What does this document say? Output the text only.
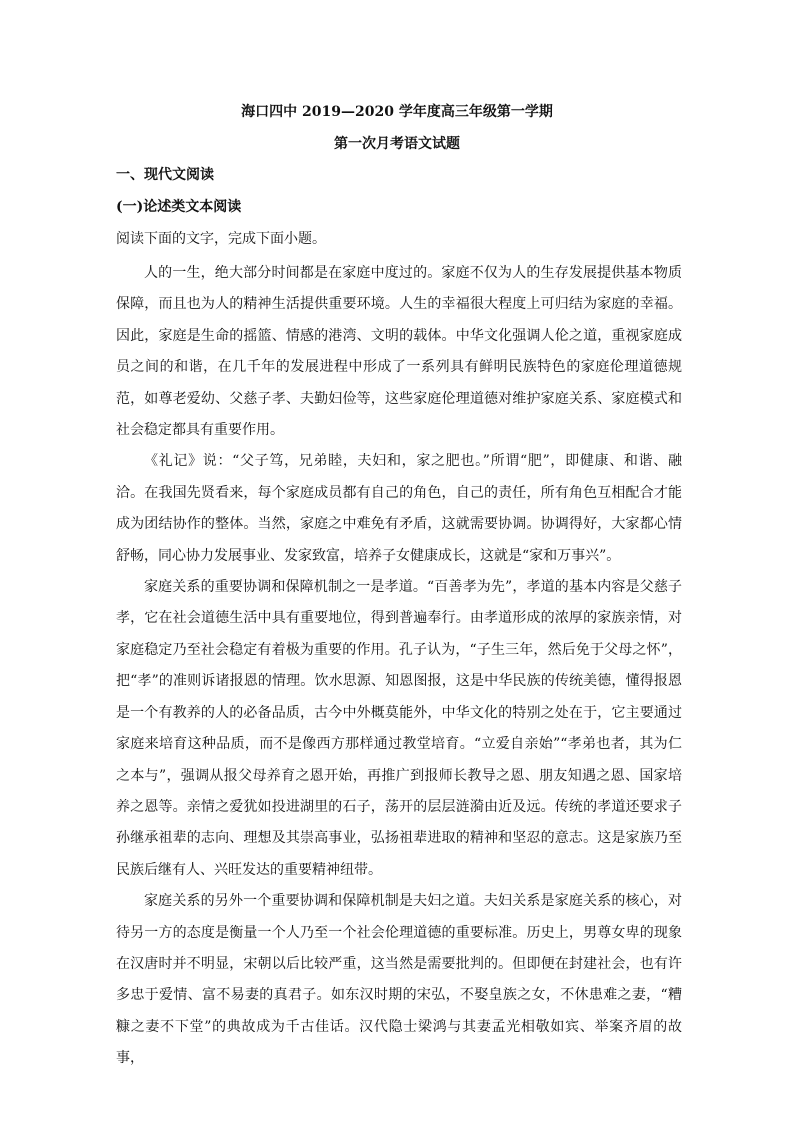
海口四中 2019—2020 学年度高三年级第一学期
第一次月考语文试题
一、现代文阅读
(一)论述类文本阅读
阅读下面的文字，完成下面小题。

人的一生，绝大部分时间都是在家庭中度过的。家庭不仅为人的生存发展提供基本物质保障，而且也为人的精神生活提供重要环境。人生的幸福很大程度上可归结为家庭的幸福。因此，家庭是生命的摇篮、情感的港湾、文明的载体。中华文化强调人伦之道，重视家庭成员之间的和谐，在几千年的发展进程中形成了一系列具有鲜明民族特色的家庭伦理道德规范，如尊老爱幼、父慈子孝、夫勤妇俭等，这些家庭伦理道德对维护家庭关系、家庭模式和社会稳定都具有重要作用。

《礼记》说：“父子笃，兄弟睦，夫妇和，家之肥也。”所谓“肥”，即健康、和谐、融洽。在我国先贤看来，每个家庭成员都有自己的角色，自己的责任，所有角色互相配合才能成为团结协作的整体。当然，家庭之中难免有矛盾，这就需要协调。协调得好，大家都心情舒畅，同心协力发展事业、发家致富，培养子女健康成长，这就是“家和万事兴”。

家庭关系的重要协调和保障机制之一是孝道。“百善孝为先”，孝道的基本内容是父慈子孝，它在社会道德生活中具有重要地位，得到普遍奉行。由孝道形成的浓厚的家族亲情，对家庭稳定乃至社会稳定有着极为重要的作用。孔子认为，“子生三年，然后免于父母之怀”，把“孝”的准则诉诸报恩的情理。饮水思源、知恩图报，这是中华民族的传统美德，懂得报恩是一个有教养的人的必备品质，古今中外概莫能外，中华文化的特别之处在于，它主要通过家庭来培育这种品质，而不是像西方那样通过教堂培育。“立爱自亲始”“孝弟也者，其为仁之本与”，强调从报父母养育之恩开始，再推广到报师长教导之恩、朋友知遇之恩、国家培养之恩等。亲情之爱犹如投进湖里的石子，荡开的层层涟漪由近及远。传统的孝道还要求子孙继承祖辈的志向、理想及其崇高事业，弘扬祖辈进取的精神和坚忍的意志。这是家族乃至民族后继有人、兴旺发达的重要精神纽带。

家庭关系的另外一个重要协调和保障机制是夫妇之道。夫妇关系是家庭关系的核心，对待另一方的态度是衡量一个人乃至一个社会伦理道德的重要标准。历史上，男尊女卑的现象在汉唐时并不明显，宋朝以后比较严重，这当然是需要批判的。但即便在封建社会，也有许多忠于爱情、富不易妻的真君子。如东汉时期的宋弘，不娶皇族之女，不休患难之妻，“糟糠之妻不下堂”的典故成为千古佳话。汉代隐士梁鸿与其妻孟光相敬如宾、举案齐眉的故事，
